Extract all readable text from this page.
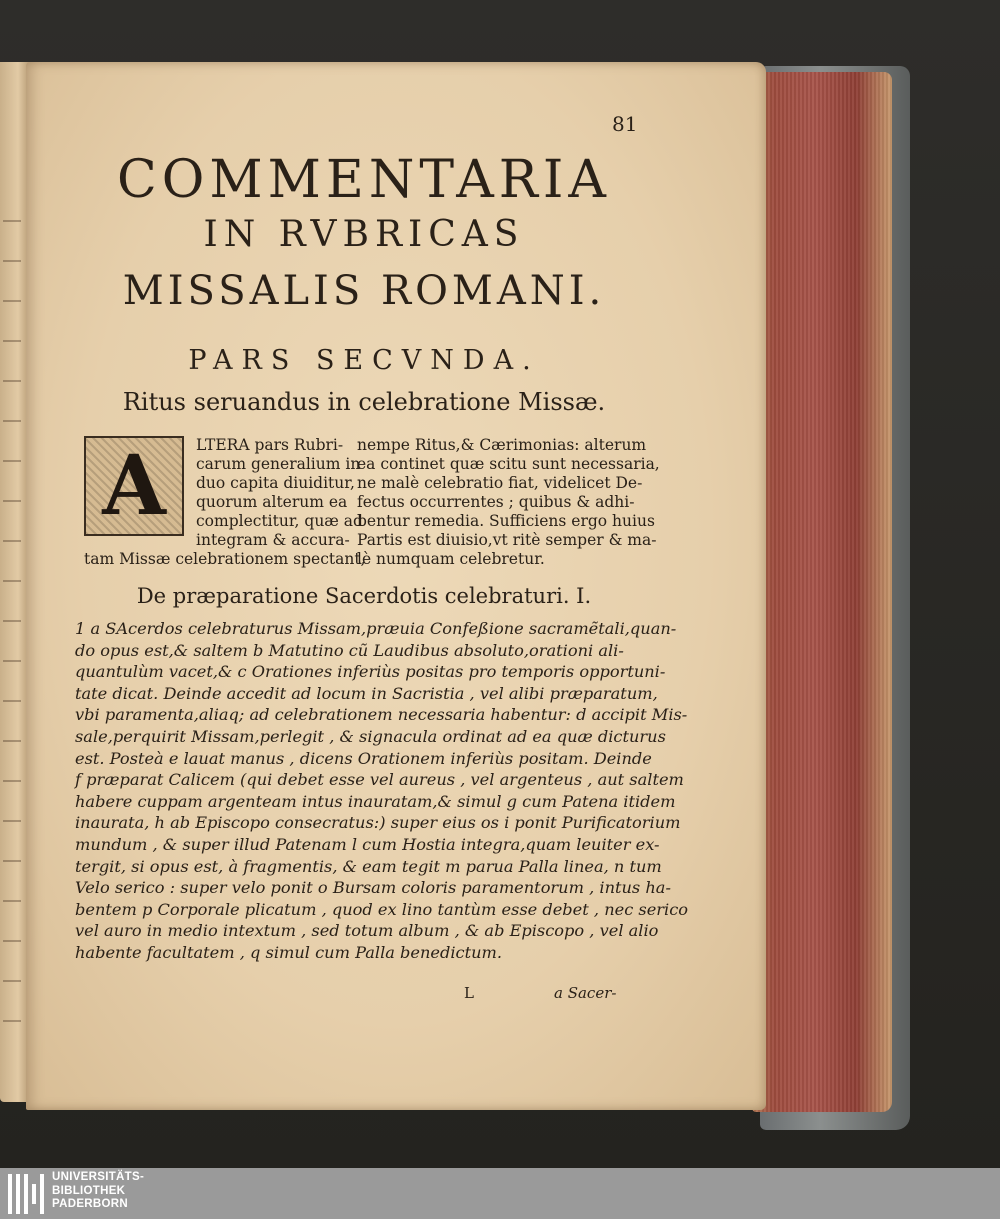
81
COMMENTARIA
IN RVBRICAS
MISSALIS ROMANI.
PARS SECVNDA.
Ritus seruandus in celebratione Missæ.
A	LTERA pars Rubri-
carum generalium in
duo capita diuiditur,
quorum alterum ea
complectitur, quæ ad
integram & accura-
tam Missæ celebrationem spectant,
nempe Ritus,& Cærimonias: alterum
ea continet quæ scitu sunt necessaria,
ne malè celebratio fiat, videlicet De-
fectus occurrentes ; quibus & adhi-
bentur remedia. Sufficiens ergo huius
Partis est diuisio,vt ritè semper & ma-
lè numquam celebretur.
De præparatione Sacerdotis celebraturi. I.
1 a SAcerdos celebraturus Missam,præuia Confeßione sacramẽtali,quan-
do opus est,& saltem b Matutino cũ Laudibus absoluto,orationi ali-
quantulùm vacet,& c Orationes inferiùs positas pro temporis opportuni-
tate dicat. Deinde accedit ad locum in Sacristia , vel alibi præparatum,
vbi paramenta,aliaq; ad celebrationem necessaria habentur: d accipit Mis-
sale,perquirit Missam,perlegit , & signacula ordinat ad ea quæ dicturus
est. Posteà e lauat manus , dicens Orationem inferiùs positam. Deinde
f præparat Calicem (qui debet esse vel aureus , vel argenteus , aut saltem
habere cuppam argenteam intus inauratam,& simul g cum Patena itidem
inaurata, h ab Episcopo consecratus:) super eius os i ponit Purificatorium
mundum , & super illud Patenam l cum Hostia integra,quam leuiter ex-
tergit, si opus est, à fragmentis, & eam tegit m parua Palla linea, n tum
Velo serico : super velo ponit o Bursam coloris paramentorum , intus ha-
bentem p Corporale plicatum , quod ex lino tantùm esse debet , nec serico
vel auro in medio intextum , sed totum album , & ab Episcopo , vel alio
habente facultatem , q simul cum Palla benedictum.
L	a Sacer-
UNIVERSITÄTS-
BIBLIOTHEK
PADERBORN
